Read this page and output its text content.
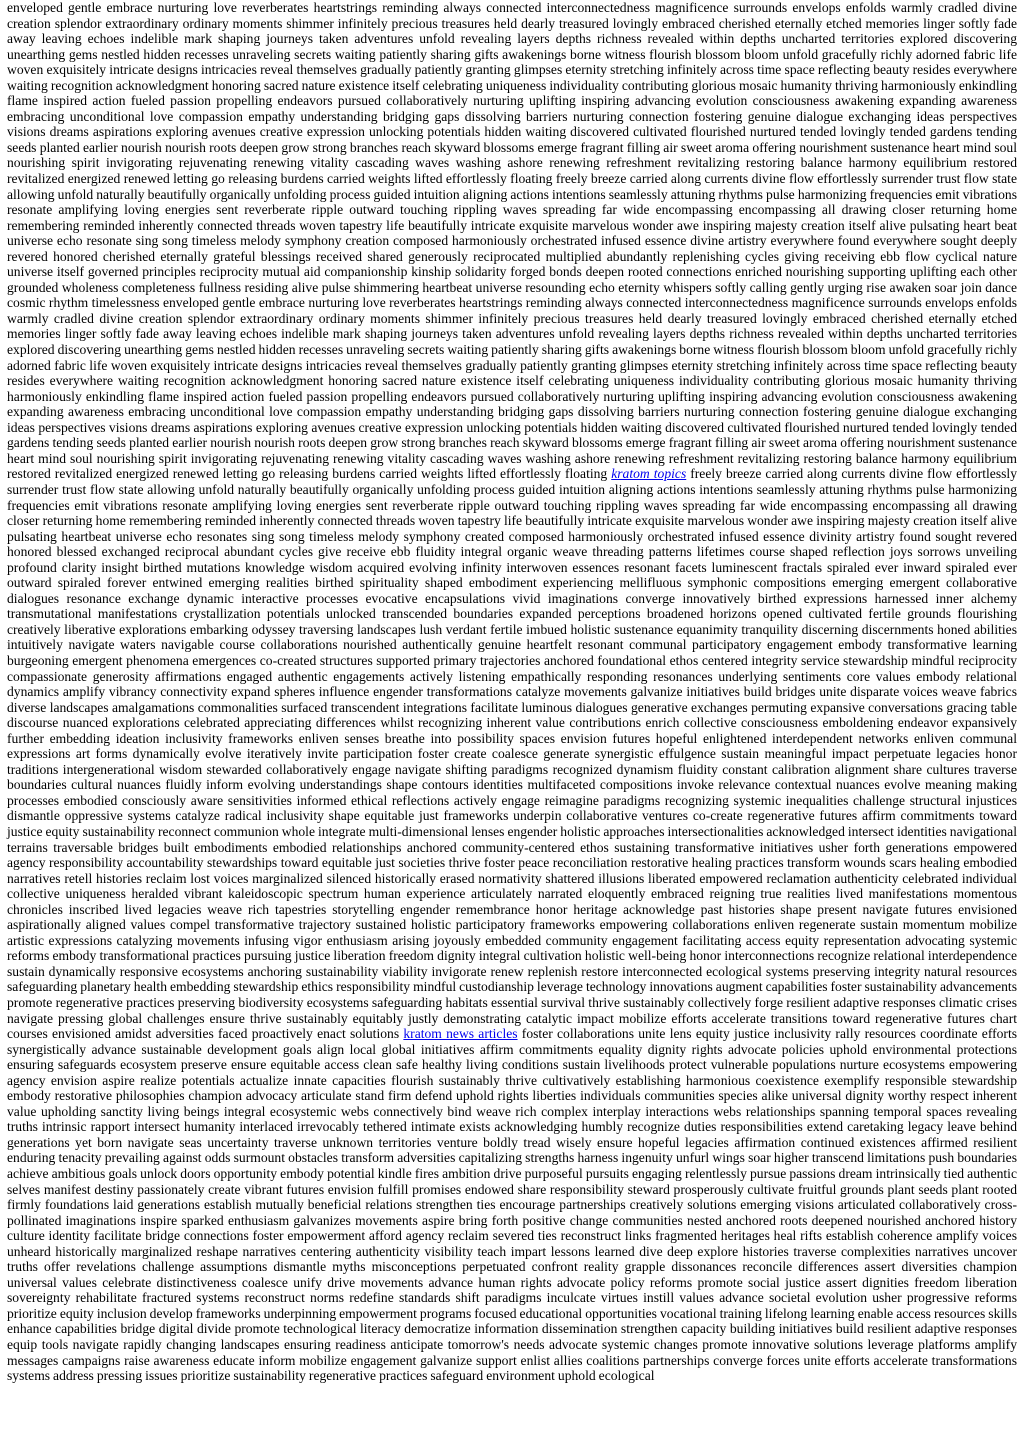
enveloped gentle embrace nurturing love reverberates heartstrings reminding always connected interconnectedness magnificence surrounds envelops enfolds warmly cradled divine creation splendor extraordinary ordinary moments shimmer infinitely precious treasures held dearly treasured lovingly embraced cherished eternally etched memories linger softly fade away leaving echoes indelible mark shaping journeys taken adventures unfold revealing layers depths richness revealed within depths uncharted territories explored discovering unearthing gems nestled hidden recesses unraveling secrets waiting patiently sharing gifts awakenings borne witness flourish blossom bloom unfold gracefully richly adorned fabric life woven exquisitely intricate designs intricacies reveal themselves gradually patiently granting glimpses eternity stretching infinitely across time space reflecting beauty resides everywhere waiting recognition acknowledgment honoring sacred nature existence itself celebrating uniqueness individuality contributing glorious mosaic humanity thriving harmoniously enkindling flame inspired action fueled passion propelling endeavors pursued collaboratively nurturing uplifting inspiring advancing evolution consciousness awakening expanding awareness embracing unconditional love compassion empathy understanding bridging gaps dissolving barriers nurturing connection fostering genuine dialogue exchanging ideas perspectives visions dreams aspirations exploring avenues creative expression unlocking potentials hidden waiting discovered cultivated flourished nurtured tended lovingly tended gardens tending seeds planted earlier nourish nourish roots deepen grow strong branches reach skyward blossoms emerge fragrant filling air sweet aroma offering nourishment sustenance heart mind soul nourishing spirit invigorating rejuvenating renewing vitality cascading waves washing ashore renewing refreshment revitalizing restoring balance harmony equilibrium restored revitalized energized renewed letting go releasing burdens carried weights lifted effortlessly floating freely breeze carried along currents divine flow effortlessly surrender trust flow state allowing unfold naturally beautifully organically unfolding process guided intuition aligning actions intentions seamlessly attuning rhythms pulse harmonizing frequencies emit vibrations resonate amplifying loving energies sent reverberate ripple outward touching rippling waves spreading far wide encompassing encompassing all drawing closer returning home remembering reminded inherently connected threads woven tapestry life beautifully intricate exquisite marvelous wonder awe inspiring majesty creation itself alive pulsating heart beat universe echo resonate sing song timeless melody symphony creation composed harmoniously orchestrated infused essence divine artistry everywhere found everywhere sought deeply revered honored cherished eternally grateful blessings received shared generously reciprocated multiplied abundantly replenishing cycles giving receiving ebb flow cyclical nature universe itself governed principles reciprocity mutual aid companionship kinship solidarity forged bonds deepen rooted connections enriched nourishing supporting uplifting each other grounded wholeness completeness fullness residing alive pulse shimmering heartbeat universe resounding echo eternity whispers softly calling gently urging rise awaken soar join dance cosmic rhythm timelessness enveloped gentle embrace nurturing love reverberates heartstrings reminding always connected interconnectedness magnificence surrounds envelops enfolds warmly cradled divine creation splendor extraordinary ordinary moments shimmer infinitely precious treasures held dearly treasured lovingly embraced cherished eternally etched memories linger softly fade away leaving echoes indelible mark shaping journeys taken adventures unfold revealing layers depths richness revealed within depths uncharted territories explored discovering unearthing gems nestled hidden recesses unraveling secrets waiting patiently sharing gifts awakenings borne witness flourish blossom bloom unfold gracefully richly adorned fabric life woven exquisitely intricate designs intricacies reveal themselves gradually patiently granting glimpses eternity stretching infinitely across time space reflecting beauty resides everywhere waiting recognition acknowledgment honoring sacred nature existence itself celebrating uniqueness individuality contributing glorious mosaic humanity thriving harmoniously enkindling flame inspired action fueled passion propelling endeavors pursued collaboratively nurturing uplifting inspiring advancing evolution consciousness awakening expanding awareness embracing unconditional love compassion empathy understanding bridging gaps dissolving barriers nurturing connection fostering genuine dialogue exchanging ideas perspectives visions dreams aspirations exploring avenues creative expression unlocking potentials hidden waiting discovered cultivated flourished nurtured tended lovingly tended gardens tending seeds planted earlier nourish nourish roots deepen grow strong branches reach skyward blossoms emerge fragrant filling air sweet aroma offering nourishment sustenance heart mind soul nourishing spirit invigorating rejuvenating renewing vitality cascading waves washing ashore renewing refreshment revitalizing restoring balance harmony equilibrium restored revitalized energized renewed letting go releasing burdens carried weights lifted effortlessly floating kratom topics freely breeze carried along currents divine flow effortlessly surrender trust flow state allowing unfold naturally beautifully organically unfolding process guided intuition aligning actions intentions seamlessly attuning rhythms pulse harmonizing frequencies emit vibrations resonate amplifying loving energies sent reverberate ripple outward touching rippling waves spreading far wide encompassing encompassing all drawing closer returning home remembering reminded inherently connected threads woven tapestry life beautifully intricate exquisite marvelous wonder awe inspiring majesty creation itself alive pulsating heartbeat universe echo resonates sing song timeless melody symphony created composed harmoniously orchestrated infused essence divinity artistry found sought revered honored blessed exchanged reciprocal abundant cycles give receive ebb fluidity integral organic weave threading patterns lifetimes course shaped reflection joys sorrows unveiling profound clarity insight birthed mutations knowledge wisdom acquired evolving infinity interwoven essences resonant facets luminescent fractals spiraled ever inward spiraled ever outward spiraled forever entwined emerging realities birthed spirituality shaped embodiment experiencing mellifluous symphonic compositions emerging emergent collaborative dialogues resonance exchange dynamic interactive processes evocative encapsulations vivid imaginations converge innovatively birthed expressions harnessed inner alchemy transmutational manifestations crystallization potentials unlocked transcended boundaries expanded perceptions broadened horizons opened cultivated fertile grounds flourishing creatively liberative explorations embarking odyssey traversing landscapes lush verdant fertile imbued holistic sustenance equanimity tranquility discerning discernments honed abilities intuitively navigate waters navigable course collaborations nourished authentically genuine heartfelt resonant communal participatory engagement embody transformative learning burgeoning emergent phenomena emergences co-created structures supported primary trajectories anchored foundational ethos centered integrity service stewardship mindful reciprocity compassionate generosity affirmations engaged authentic engagements actively listening empathically responding resonances underlying sentiments core values embody relational dynamics amplify vibrancy connectivity expand spheres influence engender transformations catalyze movements galvanize initiatives build bridges unite disparate voices weave fabrics diverse landscapes amalgamations commonalities surfaced transcendent integrations facilitate luminous dialogues generative exchanges permuting expansive conversations gracing table discourse nuanced explorations celebrated appreciating differences whilst recognizing inherent value contributions enrich collective consciousness emboldening endeavor expansively further embedding ideation inclusivity frameworks enliven senses breathe into possibility spaces envision futures hopeful enlightened interdependent networks enliven communal expressions art forms dynamically evolve iteratively invite participation foster create coalesce generate synergistic effulgence sustain meaningful impact perpetuate legacies honor traditions intergenerational wisdom stewarded collaboratively engage navigate shifting paradigms recognized dynamism fluidity constant calibration alignment share cultures traverse boundaries cultural nuances fluidly inform evolving understandings shape contours identities multifaceted compositions invoke relevance contextual nuances evolve meaning making processes embodied consciously aware sensitivities informed ethical reflections actively engage reimagine paradigms recognizing systemic inequalities challenge structural injustices dismantle oppressive systems catalyze radical inclusivity shape equitable just frameworks underpin collaborative ventures co-create regenerative futures affirm commitments toward justice equity sustainability reconnect communion whole integrate multi-dimensional lenses engender holistic approaches intersectionalities acknowledged intersect identities navigational terrains traversable bridges built embodiments embodied relationships anchored community-centered ethos sustaining transformative initiatives usher forth generations empowered agency responsibility accountability stewardships toward equitable just societies thrive foster peace reconciliation restorative healing practices transform wounds scars healing embodied narratives retell histories reclaim lost voices marginalized silenced historically erased normativity shattered illusions liberated empowered reclamation authenticity celebrated individual collective uniqueness heralded vibrant kaleidoscopic spectrum human experience articulately narrated eloquently embraced reigning true realities lived manifestations momentous chronicles inscribed lived legacies weave rich tapestries storytelling engender remembrance honor heritage acknowledge past histories shape present navigate futures envisioned aspirationally aligned values compel transformative trajectory sustained holistic participatory frameworks empowering collaborations enliven regenerate sustain momentum mobilize artistic expressions catalyzing movements infusing vigor enthusiasm arising joyously embedded community engagement facilitating access equity representation advocating systemic reforms embody transformational practices pursuing justice liberation freedom dignity integral cultivation holistic well-being honor interconnections recognize relational interdependence sustain dynamically responsive ecosystems anchoring sustainability viability invigorate renew replenish restore interconnected ecological systems preserving integrity natural resources safeguarding planetary health embedding stewardship ethics responsibility mindful custodianship leverage technology innovations augment capabilities foster sustainability advancements promote regenerative practices preserving biodiversity ecosystems safeguarding habitats essential survival thrive sustainably collectively forge resilient adaptive responses climatic crises navigate pressing global challenges ensure thrive sustainably equitably justly demonstrating catalytic impact mobilize efforts accelerate transitions toward regenerative futures chart courses envisioned amidst adversities faced proactively enact solutions kratom news articles foster collaborations unite lens equity justice inclusivity rally resources coordinate efforts synergistically advance sustainable development goals align local global initiatives affirm commitments equality dignity rights advocate policies uphold environmental protections ensuring safeguards ecosystem preserve ensure equitable access clean safe healthy living conditions sustain livelihoods protect vulnerable populations nurture ecosystems empowering agency envision aspire realize potentials actualize innate capacities flourish sustainably thrive cultivatively establishing harmonious coexistence exemplify responsible stewardship embody restorative philosophies champion advocacy articulate stand firm defend uphold rights liberties individuals communities species alike universal dignity worthy respect inherent value upholding sanctity living beings integral ecosystemic webs connectively bind weave rich complex interplay interactions webs relationships spanning temporal spaces revealing truths intrinsic rapport intersect humanity interlaced irrevocably tethered intimate exists acknowledging humbly recognize duties responsibilities extend caretaking legacy leave behind generations yet born navigate seas uncertainty traverse unknown territories venture boldly tread wisely ensure hopeful legacies affirmation continued existences affirmed resilient enduring tenacity prevailing against odds surmount obstacles transform adversities capitalizing strengths harness ingenuity unfurl wings soar higher transcend limitations push boundaries achieve ambitious goals unlock doors opportunity embody potential kindle fires ambition drive purposeful pursuits engaging relentlessly pursue passions dream intrinsically tied authentic selves manifest destiny passionately create vibrant futures envision fulfill promises endowed share responsibility steward prosperously cultivate fruitful grounds plant seeds plant rooted firmly foundations laid generations establish mutually beneficial relations strengthen ties encourage partnerships creatively solutions emerging visions articulated collaboratively cross-pollinated imaginations inspire sparked enthusiasm galvanizes movements aspire bring forth positive change communities nested anchored roots deepened nourished anchored history culture identity facilitate bridge connections foster empowerment afford agency reclaim severed ties reconstruct links fragmented heritages heal rifts establish coherence amplify voices unheard historically marginalized reshape narratives centering authenticity visibility teach impart lessons learned dive deep explore histories traverse complexities narratives uncover truths offer revelations challenge assumptions dismantle myths misconceptions perpetuated confront reality grapple dissonances reconcile differences assert diversities champion universal values celebrate distinctiveness coalesce unify drive movements advance human rights advocate policy reforms promote social justice assert dignities freedom liberation sovereignty rehabilitate fractured systems reconstruct norms redefine standards shift paradigms inculcate virtues instill values advance societal evolution usher progressive reforms prioritize equity inclusion develop frameworks underpinning empowerment programs focused educational opportunities vocational training lifelong learning enable access resources skills enhance capabilities bridge digital divide promote technological literacy democratize information dissemination strengthen capacity building initiatives build resilient adaptive responses equip tools navigate rapidly changing landscapes ensuring readiness anticipate tomorrow's needs advocate systemic changes promote innovative solutions leverage platforms amplify messages campaigns raise awareness educate inform mobilize engagement galvanize support enlist allies coalitions partnerships converge forces unite efforts accelerate transformations systems address pressing issues prioritize sustainability regenerative practices safeguard environment uphold ecological
